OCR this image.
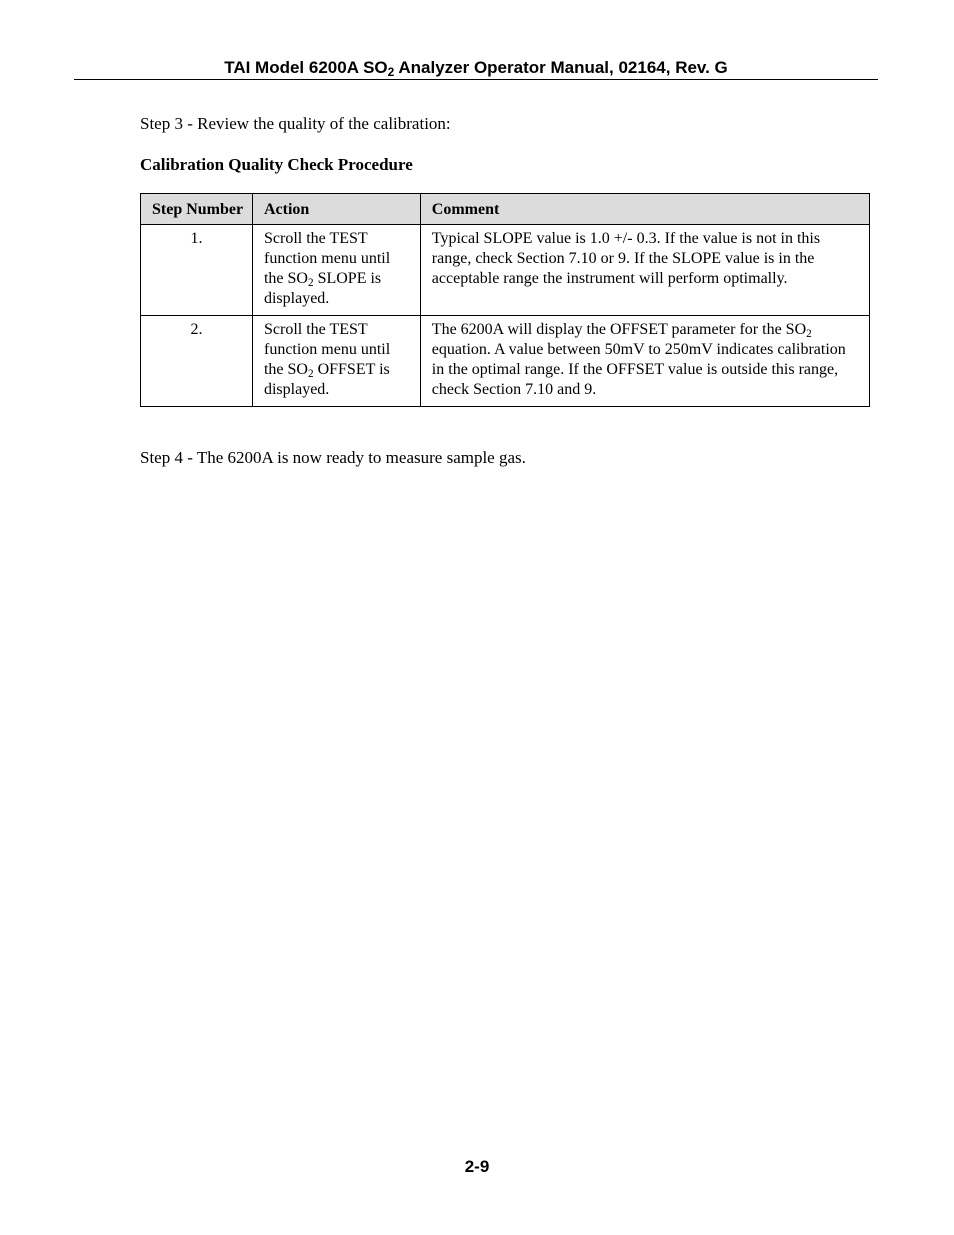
TAI Model 6200A $SO_2$ Analyzer Operator Manual, 02164, Rev. G
Step 3 - Review the quality of the calibration:
Calibration Quality Check Procedure
Step Number	Action	Comment
1.	Scroll the TEST function menu until the $SO_2$ SLOPE is displayed.	Typical SLOPE value is 1.0 +/- 0.3. If the value is not in this range, check Section 7.10 or 9. If the SLOPE value is in the acceptable range the instrument will perform optimally.
2.	Scroll the TEST function menu until the $SO_2$ OFFSET is displayed.	The 6200A will display the OFFSET parameter for the $SO_2$ equation. A value between 50mV to 250mV indicates calibration in the optimal range. If the OFFSET value is outside this range, check Section 7.10 and 9.
Step 4 - The 6200A is now ready to measure sample gas.
2-9
